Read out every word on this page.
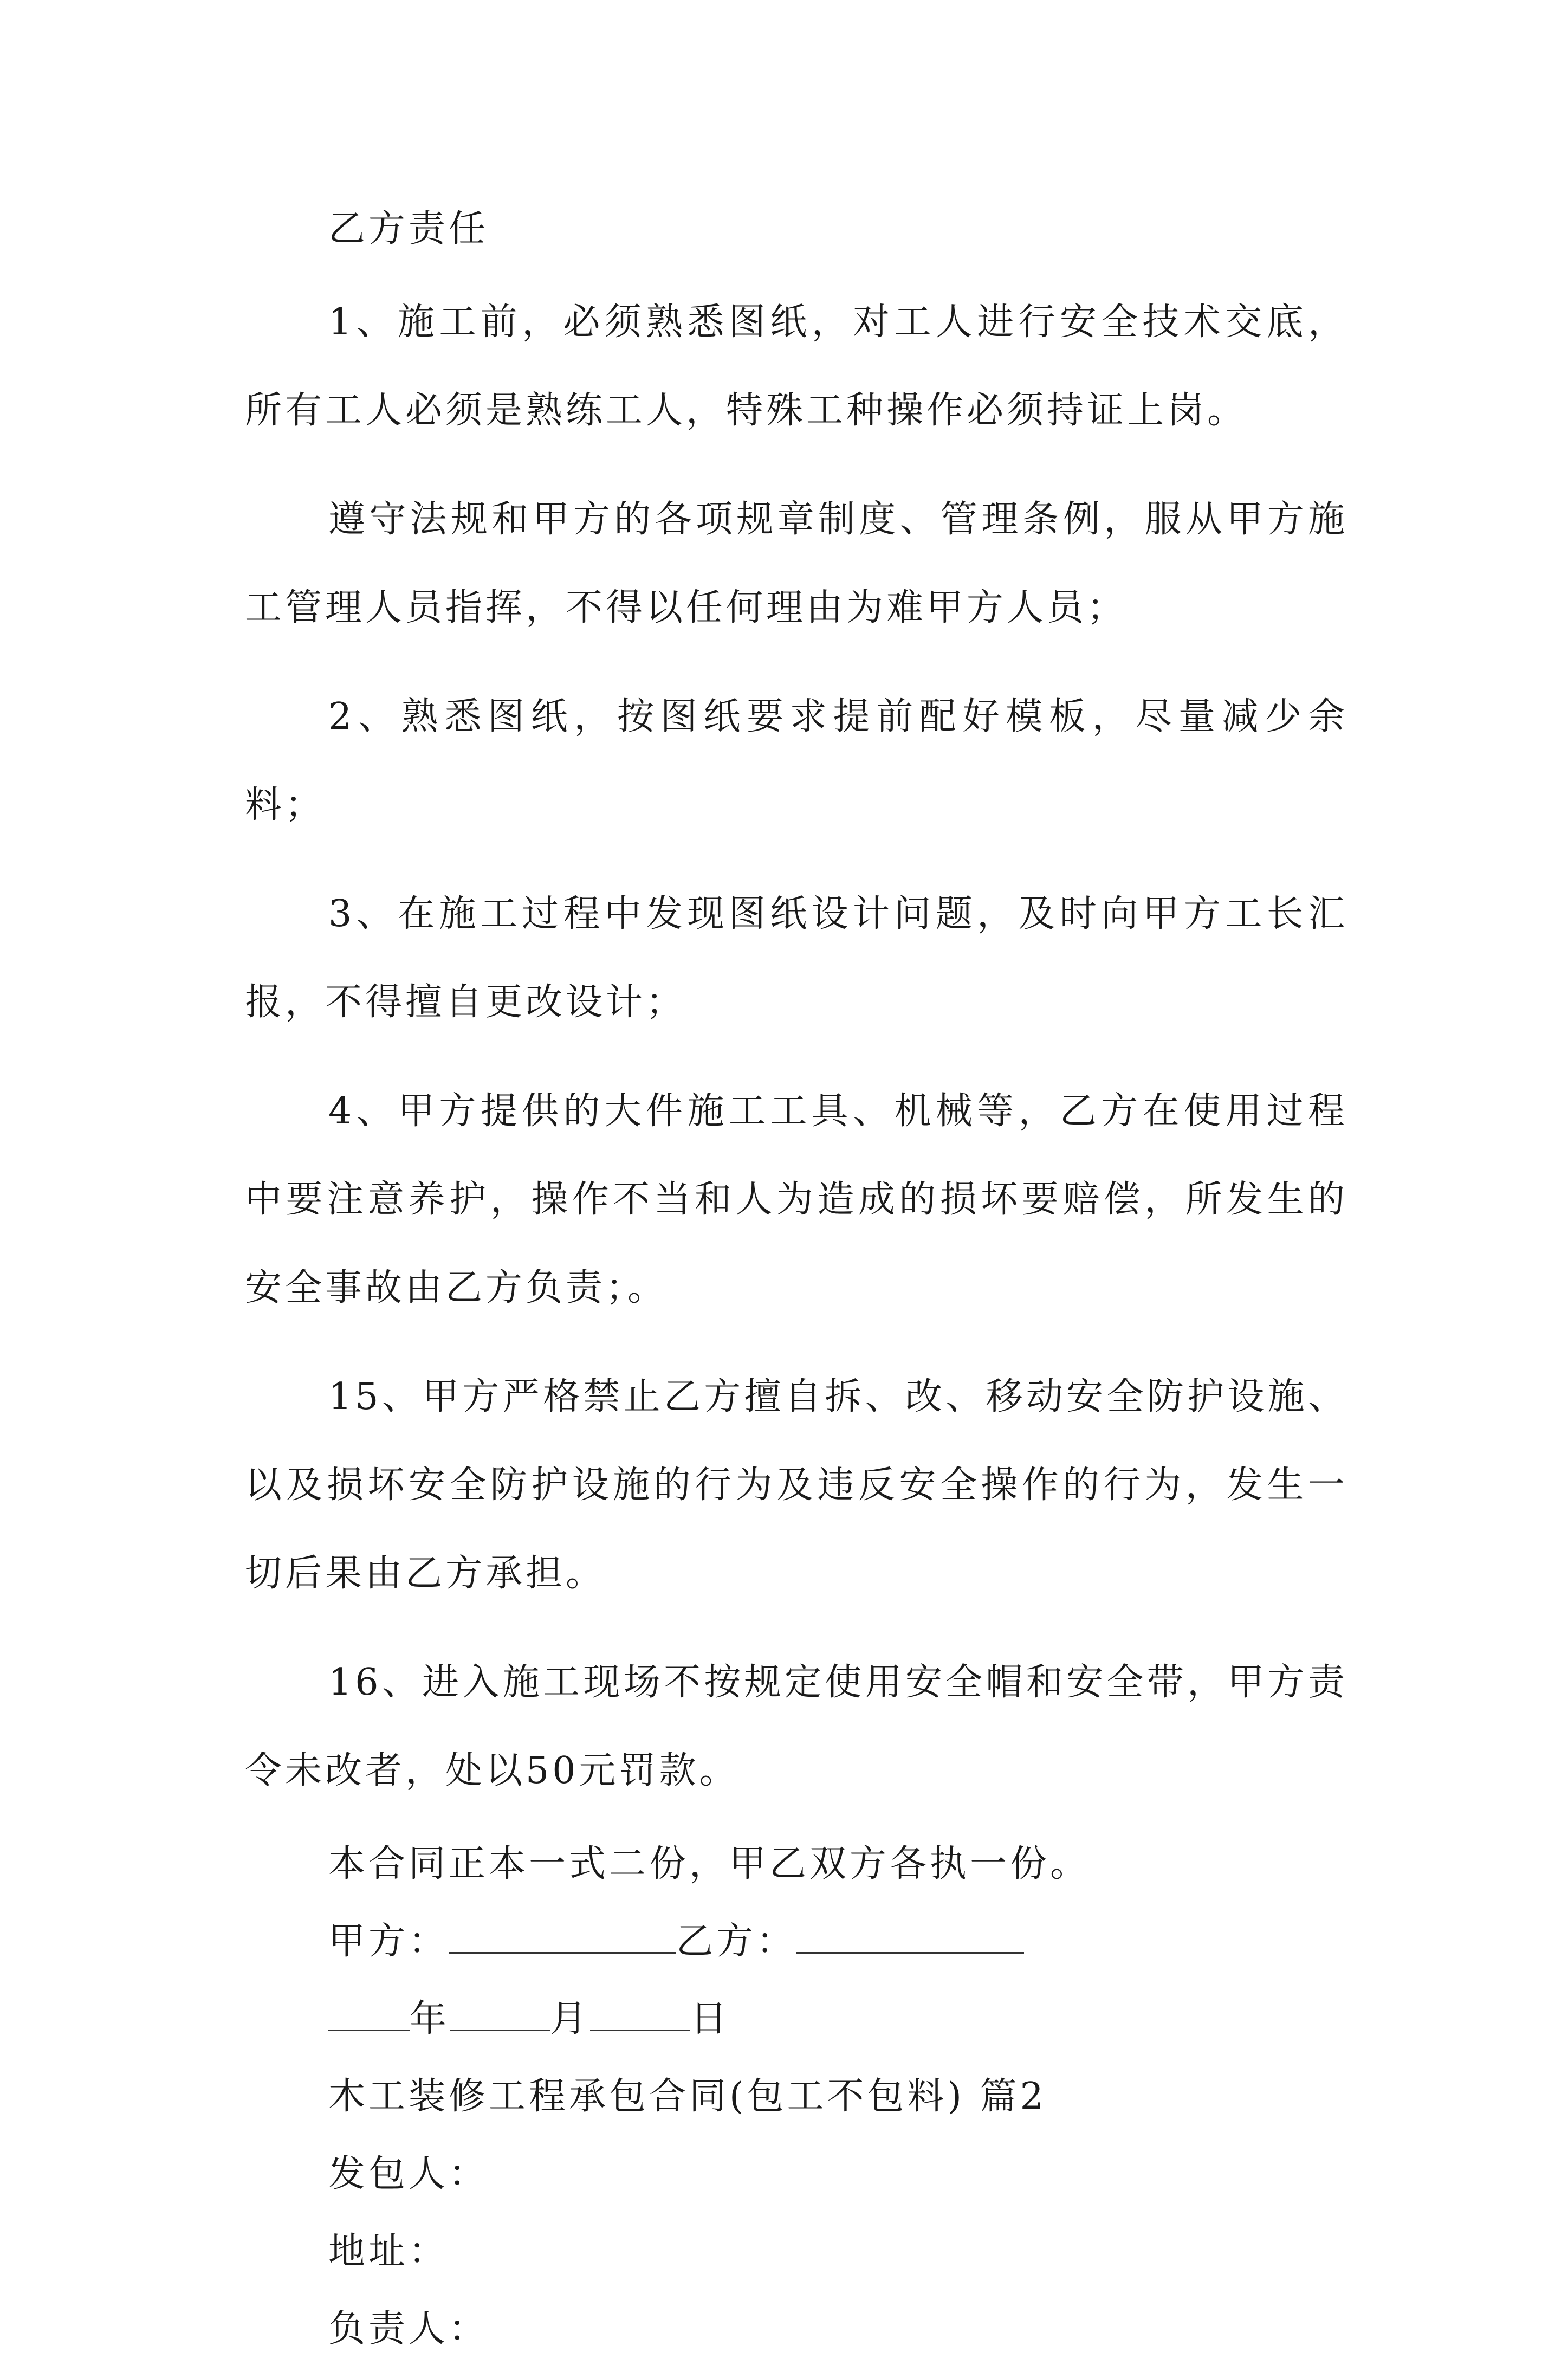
乙方责任

1、施工前，必须熟悉图纸，对工人进行安全技术交底，所有工人必须是熟练工人，特殊工种操作必须持证上岗。

遵守法规和甲方的各项规章制度、管理条例，服从甲方施工管理人员指挥，不得以任何理由为难甲方人员；

2、熟悉图纸，按图纸要求提前配好模板，尽量减少余料；

3、在施工过程中发现图纸设计问题，及时向甲方工长汇报，不得擅自更改设计；

4、甲方提供的大件施工工具、机械等，乙方在使用过程中要注意养护，操作不当和人为造成的损坏要赔偿，所发生的安全事故由乙方负责；。

15、甲方严格禁止乙方擅自拆、改、移动安全防护设施、以及损坏安全防护设施的行为及违反安全操作的行为，发生一切后果由乙方承担。

16、进入施工现场不按规定使用安全帽和安全带，甲方责令未改者，处以50元罚款。

本合同正本一式二份，甲乙双方各执一份。
甲方：	乙方：
年	月	日
木工装修工程承包合同(包工不包料) 篇2
发包人：
地址：
负责人：
